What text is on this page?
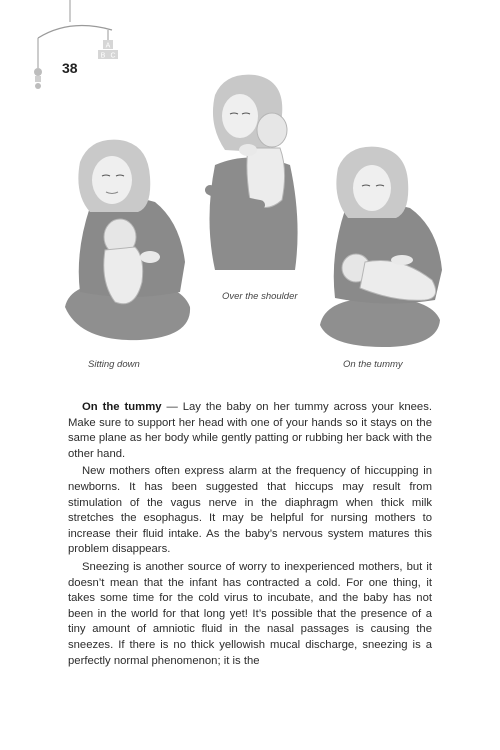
A
B C
38
Sitting down
Over the shoulder
On the tummy

On the tummy — Lay the baby on her tummy across your knees. Make sure to support her head with one of your hands so it stays on the same plane as her body while gently patting or rubbing her back with the other hand.

New mothers often express alarm at the frequency of hiccupping in newborns. It has been suggested that hiccups may result from stimulation of the vagus nerve in the diaphragm when thick milk stretches the esophagus. It may be helpful for nursing mothers to increase their fluid intake. As the baby’s nervous system matures this problem disappears.

Sneezing is another source of worry to inexperienced mothers, but it doesn’t mean that the infant has contracted a cold. For one thing, it takes some time for the cold virus to incubate, and the baby has not been in the world for that long yet! It’s possible that the presence of a tiny amount of amniotic fluid in the nasal passages is causing the sneezes. If there is no thick yellowish mucal discharge, sneezing is a perfectly normal phenomenon; it is the
